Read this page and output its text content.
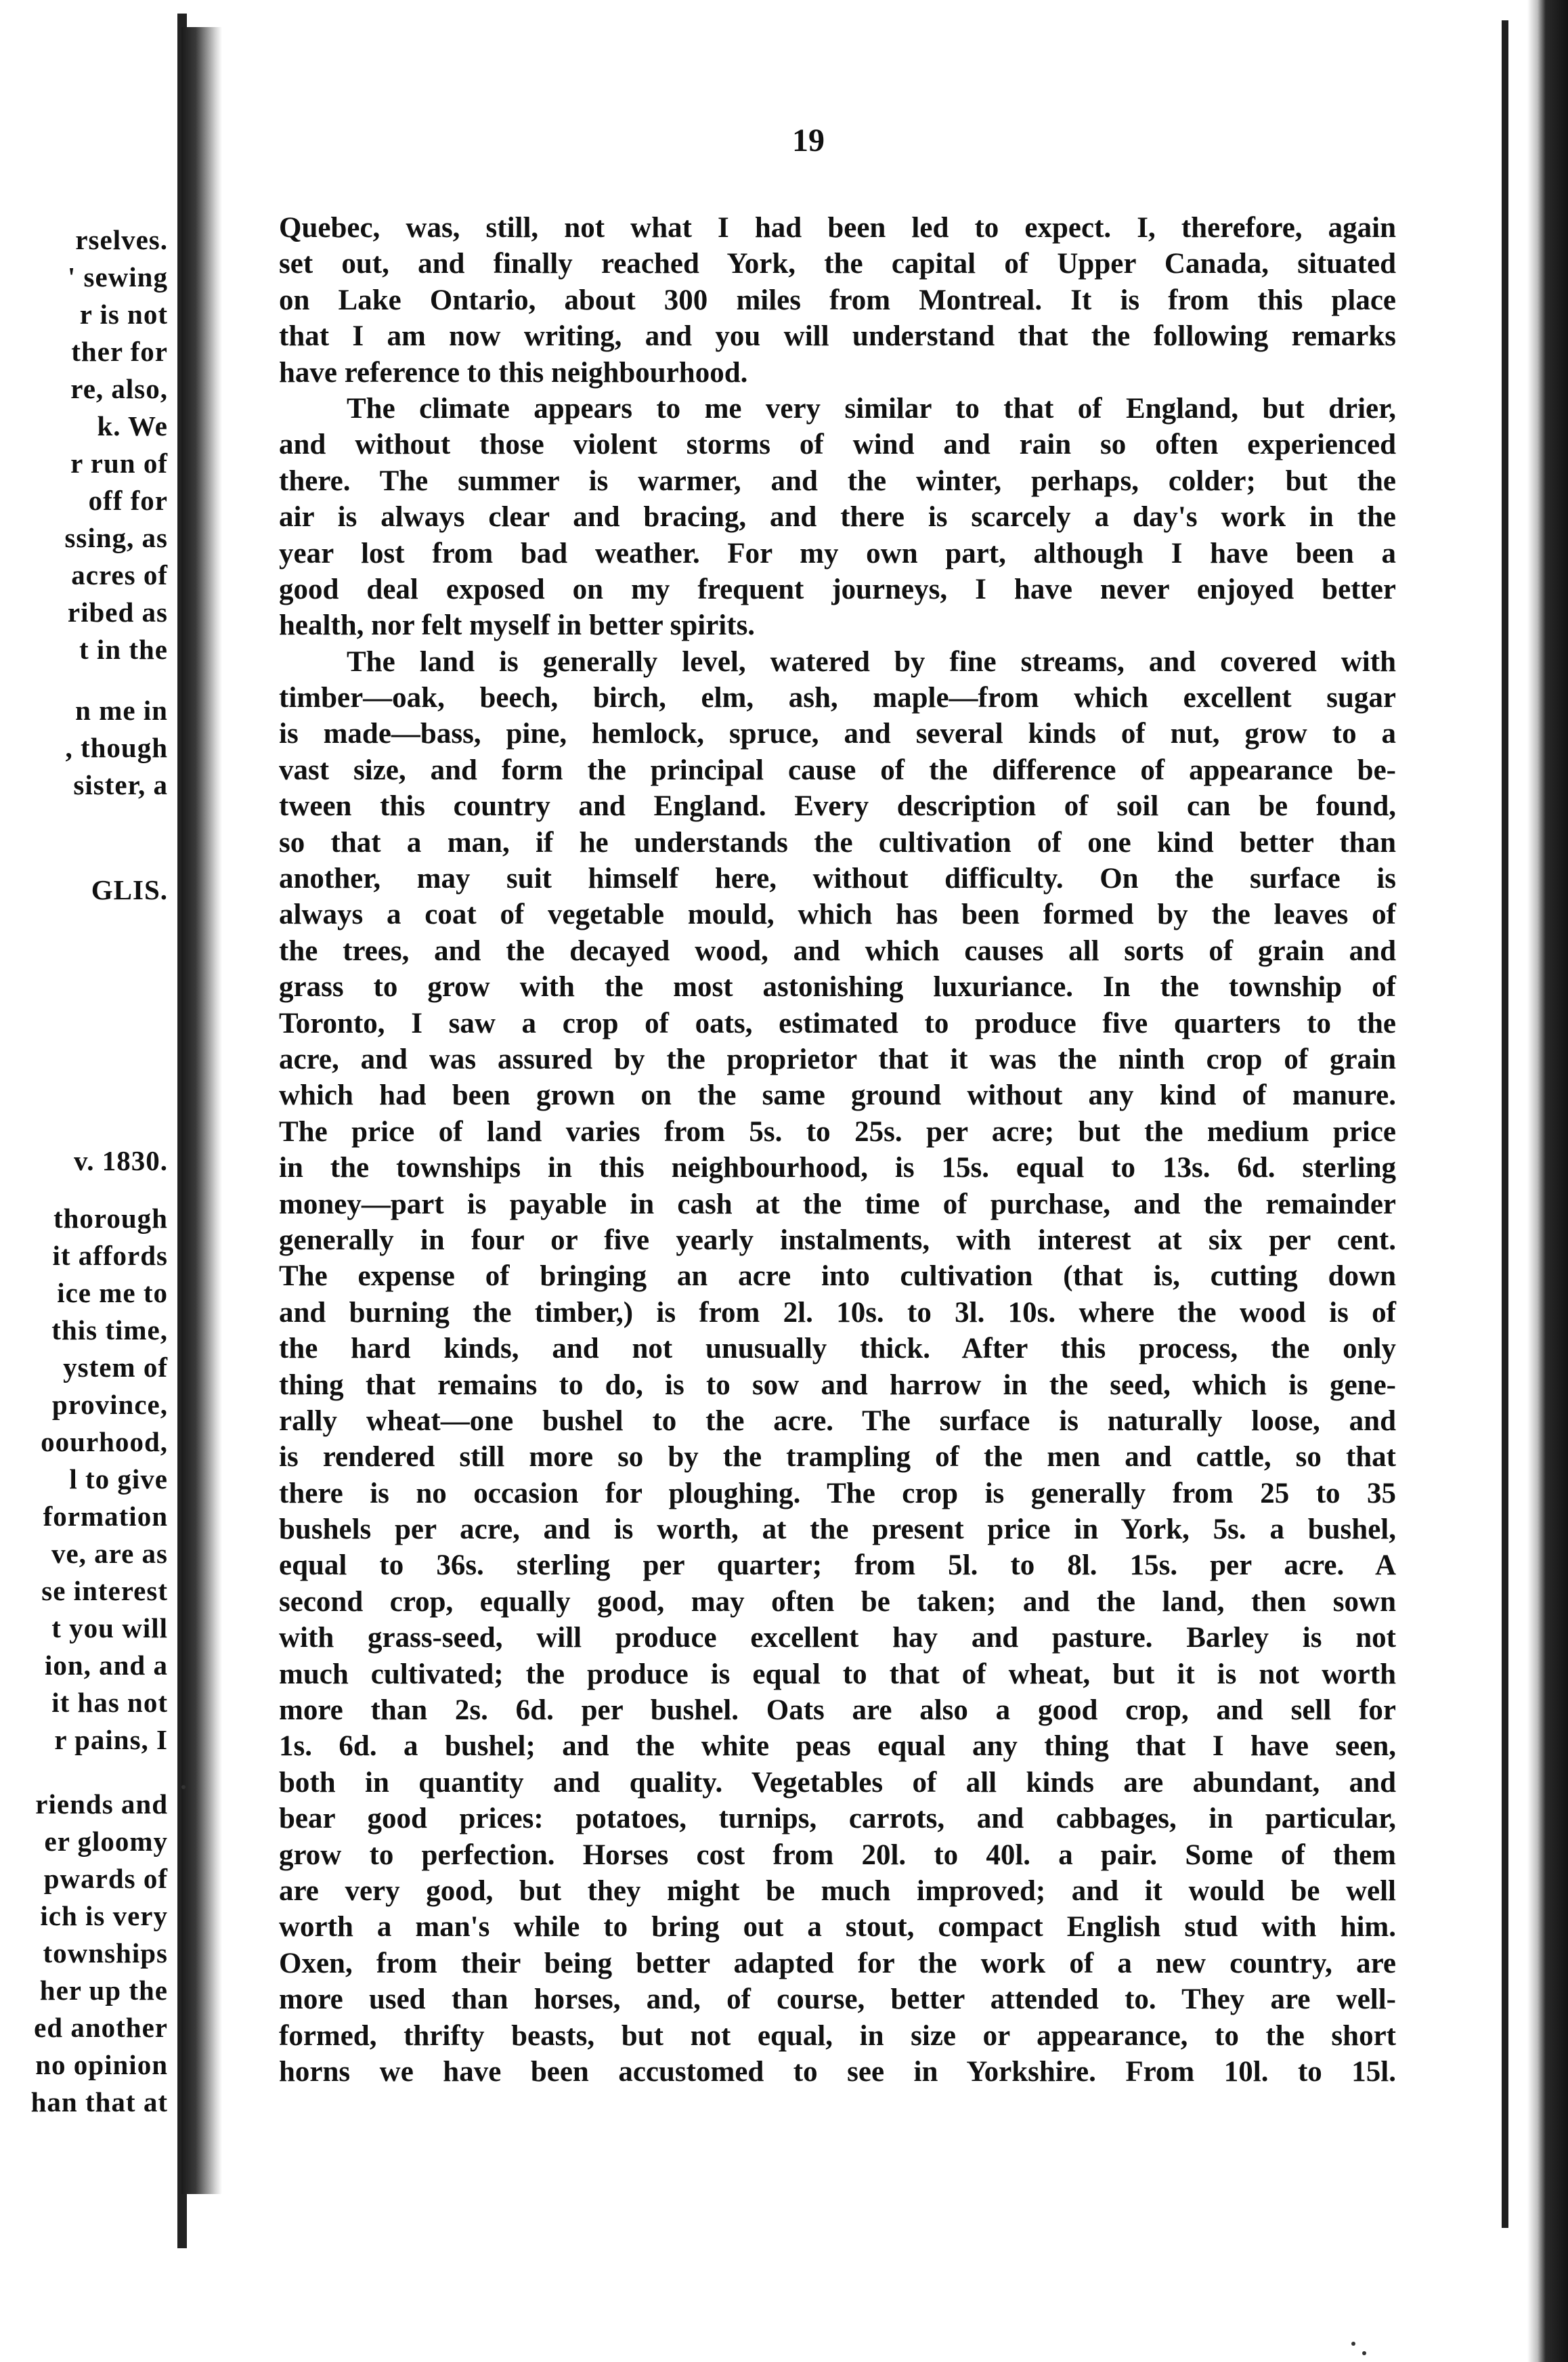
rselves.
' sewing
r is not
ther for
re, also,
k. We
r run of
off for
ssing, as
acres of
ribed as
t in the
n me in
, though
sister, a
GLIS.
v. 1830.
thorough
it affords
ice me to
this time,
ystem of
province,
oourhood,
l to give
formation
ve, are as
se interest
t you will
ion, and a
it has not
r pains, I
riends and
er gloomy
pwards of
ich is very
townships
her up the
ed another
no opinion
han that at
19
Quebec, was, still, not what I had been led to expect. I, therefore, again
set out, and finally reached York, the capital of Upper Canada, situated
on Lake Ontario, about 300 miles from Montreal. It is from this place
that I am now writing, and you will understand that the following remarks
have reference to this neighbourhood.
The climate appears to me very similar to that of England, but drier,
and without those violent storms of wind and rain so often experienced
there. The summer is warmer, and the winter, perhaps, colder; but the
air is always clear and bracing, and there is scarcely a day's work in the
year lost from bad weather. For my own part, although I have been a
good deal exposed on my frequent journeys, I have never enjoyed better
health, nor felt myself in better spirits.
The land is generally level, watered by fine streams, and covered with
timber—oak, beech, birch, elm, ash, maple—from which excellent sugar
is made—bass, pine, hemlock, spruce, and several kinds of nut, grow to a
vast size, and form the principal cause of the difference of appearance be-
tween this country and England. Every description of soil can be found,
so that a man, if he understands the cultivation of one kind better than
another, may suit himself here, without difficulty. On the surface is
always a coat of vegetable mould, which has been formed by the leaves of
the trees, and the decayed wood, and which causes all sorts of grain and
grass to grow with the most astonishing luxuriance. In the township of
Toronto, I saw a crop of oats, estimated to produce five quarters to the
acre, and was assured by the proprietor that it was the ninth crop of grain
which had been grown on the same ground without any kind of manure.
The price of land varies from 5s. to 25s. per acre; but the medium price
in the townships in this neighbourhood, is 15s. equal to 13s. 6d. sterling
money—part is payable in cash at the time of purchase, and the remainder
generally in four or five yearly instalments, with interest at six per cent.
The expense of bringing an acre into cultivation (that is, cutting down
and burning the timber,) is from 2l. 10s. to 3l. 10s. where the wood is of
the hard kinds, and not unusually thick. After this process, the only
thing that remains to do, is to sow and harrow in the seed, which is gene-
rally wheat—one bushel to the acre. The surface is naturally loose, and
is rendered still more so by the trampling of the men and cattle, so that
there is no occasion for ploughing. The crop is generally from 25 to 35
bushels per acre, and is worth, at the present price in York, 5s. a bushel,
equal to 36s. sterling per quarter; from 5l. to 8l. 15s. per acre. A
second crop, equally good, may often be taken; and the land, then sown
with grass-seed, will produce excellent hay and pasture. Barley is not
much cultivated; the produce is equal to that of wheat, but it is not worth
more than 2s. 6d. per bushel. Oats are also a good crop, and sell for
1s. 6d. a bushel; and the white peas equal any thing that I have seen,
both in quantity and quality. Vegetables of all kinds are abundant, and
bear good prices: potatoes, turnips, carrots, and cabbages, in particular,
grow to perfection. Horses cost from 20l. to 40l. a pair. Some of them
are very good, but they might be much improved; and it would be well
worth a man's while to bring out a stout, compact English stud with him.
Oxen, from their being better adapted for the work of a new country, are
more used than horses, and, of course, better attended to. They are well-
formed, thrifty beasts, but not equal, in size or appearance, to the short
horns we have been accustomed to see in Yorkshire. From 10l. to 15l.
